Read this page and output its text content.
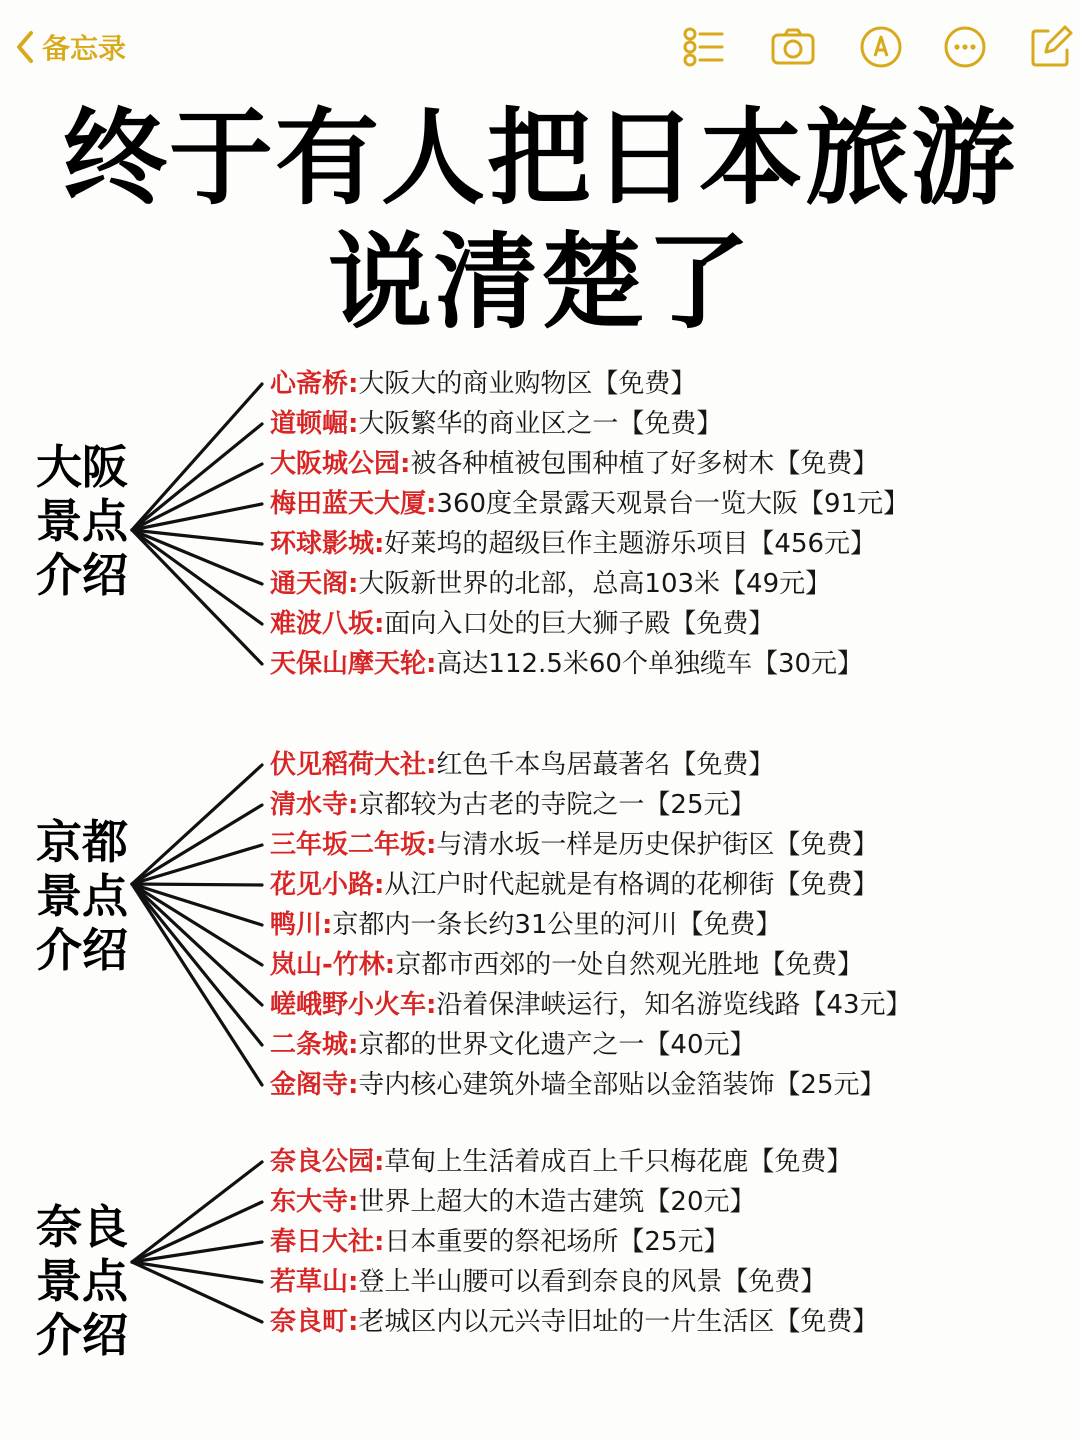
备忘录
终于有人把日本旅游
说清楚了
大阪
景点
介绍
京都
景点
介绍
奈良
景点
介绍
心斋桥:大阪大的商业购物区【免费】
道顿崛:大阪繁华的商业区之一【免费】
大阪城公园:被各种植被包围种植了好多树木【免费】
梅田蓝天大厦:360度全景露天观景台一览大阪【91元】
环球影城:好莱坞的超级巨作主题游乐项目【456元】
通天阁:大阪新世界的北部，总高103米【49元】
难波八坂:面向入口处的巨大狮子殿【免费】
天保山摩天轮:高达112.5米60个单独缆车【30元】
伏见稻荷大社:红色千本鸟居蕞著名【免费】
清水寺:京都较为古老的寺院之一【25元】
三年坂二年坂:与清水坂一样是历史保护街区【免费】
花见小路:从江户时代起就是有格调的花柳街【免费】
鸭川:京都内一条长约31公里的河川【免费】
岚山-竹林:京都市西郊的一处自然观光胜地【免费】
嵯峨野小火车:沿着保津峡运行，知名游览线路【43元】
二条城:京都的世界文化遗产之一【40元】
金阁寺:寺内核心建筑外墙全部贴以金箔装饰【25元】
奈良公园:草甸上生活着成百上千只梅花鹿【免费】
东大寺:世界上超大的木造古建筑【20元】
春日大社:日本重要的祭祀场所【25元】
若草山:登上半山腰可以看到奈良的风景【免费】
奈良町:老城区内以元兴寺旧址的一片生活区【免费】
